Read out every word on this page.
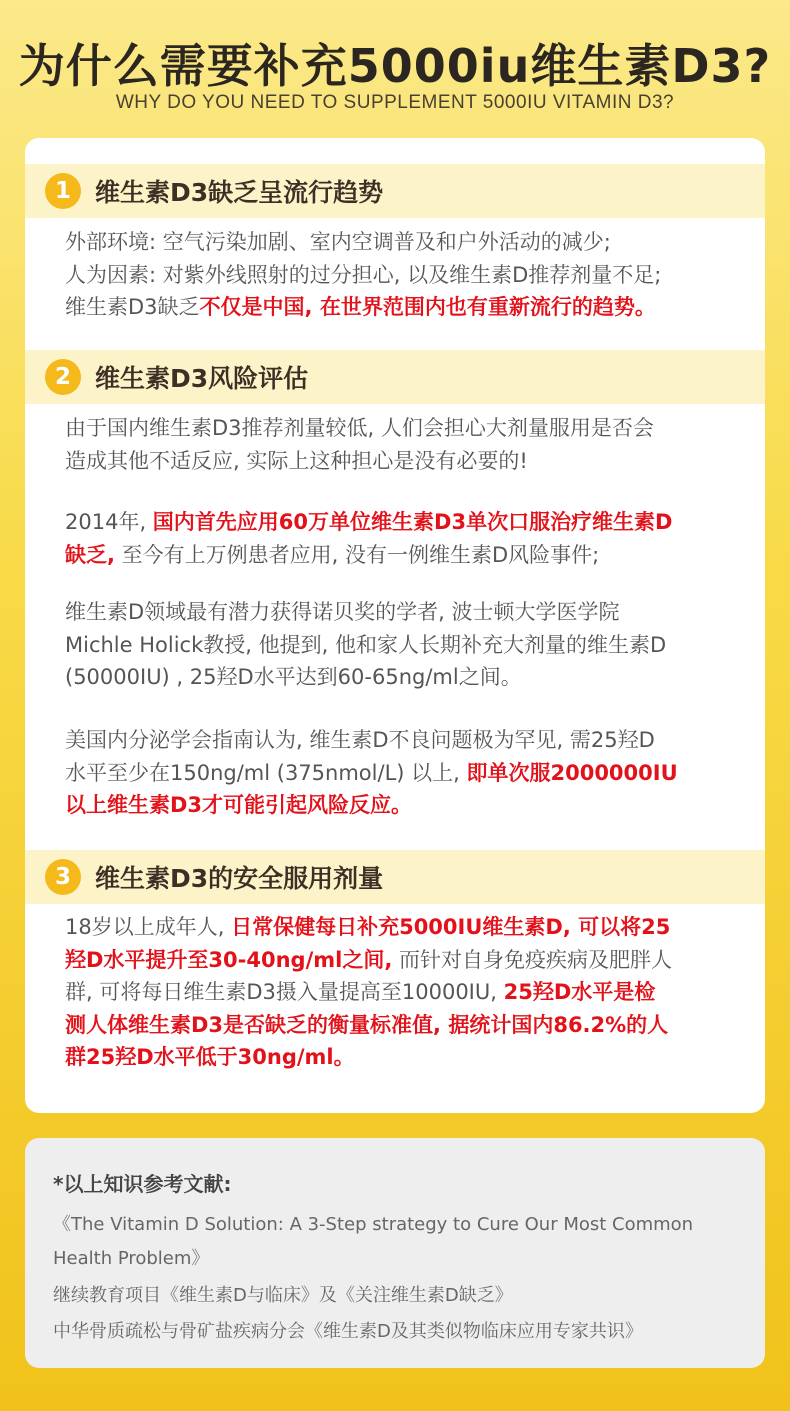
为什么需要补充5000iu维生素D3?
WHY DO YOU NEED TO SUPPLEMENT 5000IU VITAMIN D3?
1 维生素D3缺乏呈流行趋势
外部环境: 空气污染加剧、室内空调普及和户外活动的减少;
人为因素: 对紫外线照射的过分担心, 以及维生素D推荐剂量不足;
维生素D3缺乏不仅是中国, 在世界范围内也有重新流行的趋势。
2 维生素D3风险评估
由于国内维生素D3推荐剂量较低, 人们会担心大剂量服用是否会
造成其他不适反应, 实际上这种担心是没有必要的!
2014年, 国内首先应用60万单位维生素D3单次口服治疗维生素D
缺乏, 至今有上万例患者应用, 没有一例维生素D风险事件;
维生素D领域最有潜力获得诺贝奖的学者, 波士顿大学医学院
Michle Holick教授, 他提到, 他和家人长期补充大剂量的维生素D
(50000IU) , 25羟D水平达到60-65ng/ml之间。
美国内分泌学会指南认为, 维生素D不良问题极为罕见, 需25羟D
水平至少在150ng/ml (375nmol/L) 以上, 即单次服2000000IU
以上维生素D3才可能引起风险反应。
3 维生素D3的安全服用剂量
18岁以上成年人, 日常保健每日补充5000IU维生素D, 可以将25
羟D水平提升至30-40ng/ml之间, 而针对自身免疫疾病及肥胖人
群, 可将每日维生素D3摄入量提高至10000IU, 25羟D水平是检
测人体维生素D3是否缺乏的衡量标准值, 据统计国内86.2%的人
群25羟D水平低于30ng/ml。
*以上知识参考文献:
《The Vitamin D Solution: A 3-Step strategy to Cure Our Most Common
Health Problem》
继续教育项目《维生素D与临床》及《关注维生素D缺乏》
中华骨质疏松与骨矿盐疾病分会《维生素D及其类似物临床应用专家共识》
